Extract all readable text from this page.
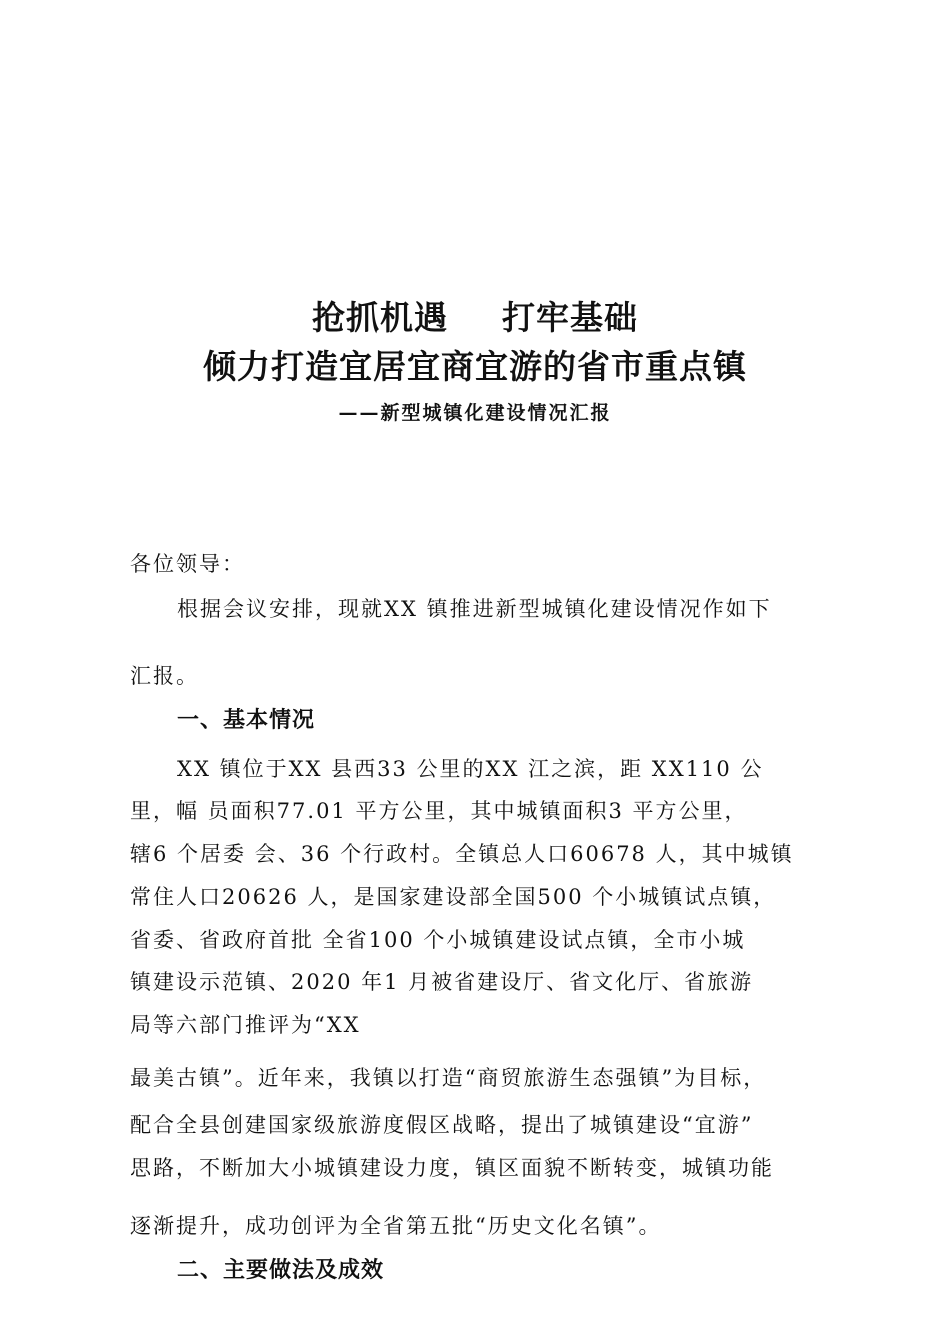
抢抓机遇 打牢基础
倾力打造宜居宜商宜游的省市重点镇

——新型城镇化建设情况汇报

各位领导：

根据会议安排，现就XX 镇推进新型城镇化建设情况作如下

汇报。

一、基本情况

XX 镇位于XX 县西33 公里的XX 江之滨，距 XX110 公

里，幅 员面积77.01 平方公里，其中城镇面积3 平方公里，

辖6 个居委 会、36 个行政村。全镇总人口60678 人，其中城镇

常住人口20626 人，是国家建设部全国500 个小城镇试点镇，

省委、省政府首批 全省100 个小城镇建设试点镇，全市小城

镇建设示范镇、2020 年1 月被省建设厅、省文化厅、省旅游

局等六部门推评为“XX

最美古镇”。近年来，我镇以打造“商贸旅游生态强镇”为目标，

配合全县创建国家级旅游度假区战略，提出了城镇建设“宜游”

思路，不断加大小城镇建设力度，镇区面貌不断转变，城镇功能

逐渐提升，成功创评为全省第五批“历史文化名镇”。

二、主要做法及成效
